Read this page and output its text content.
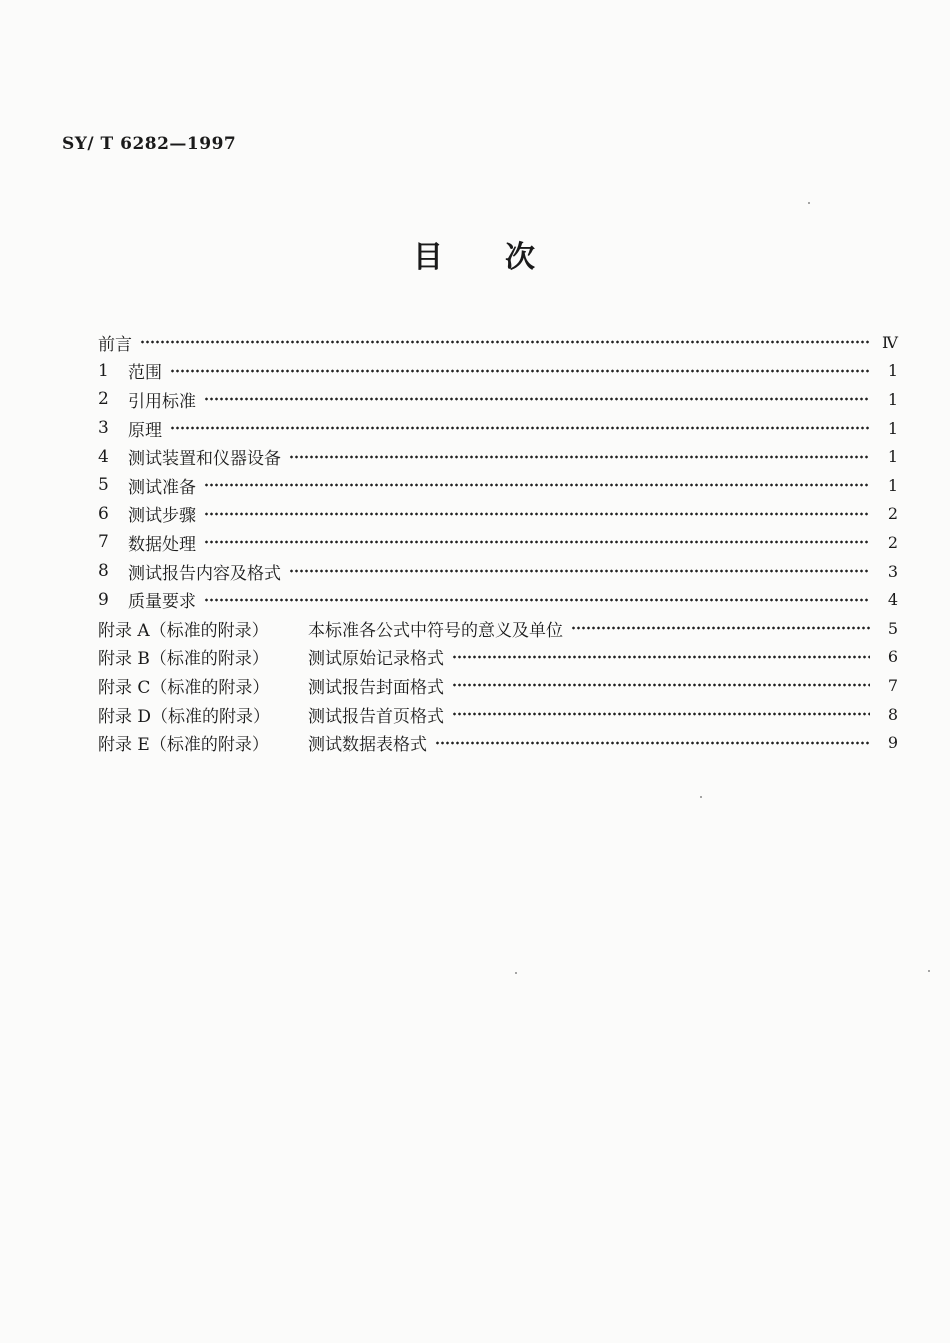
SY/ T 6282—1997
目 次
前言	Ⅳ
1	范围	1
2	引用标准	1
3	原理	1
4	测试装置和仪器设备	1
5	测试准备	1
6	测试步骤	2
7	数据处理	2
8	测试报告内容及格式	3
9	质量要求	4
附录 A（标准的附录）	本标准各公式中符号的意义及单位	5
附录 B（标准的附录）	测试原始记录格式	6
附录 C（标准的附录）	测试报告封面格式	7
附录 D（标准的附录）	测试报告首页格式	8
附录 E（标准的附录）	测试数据表格式	9
